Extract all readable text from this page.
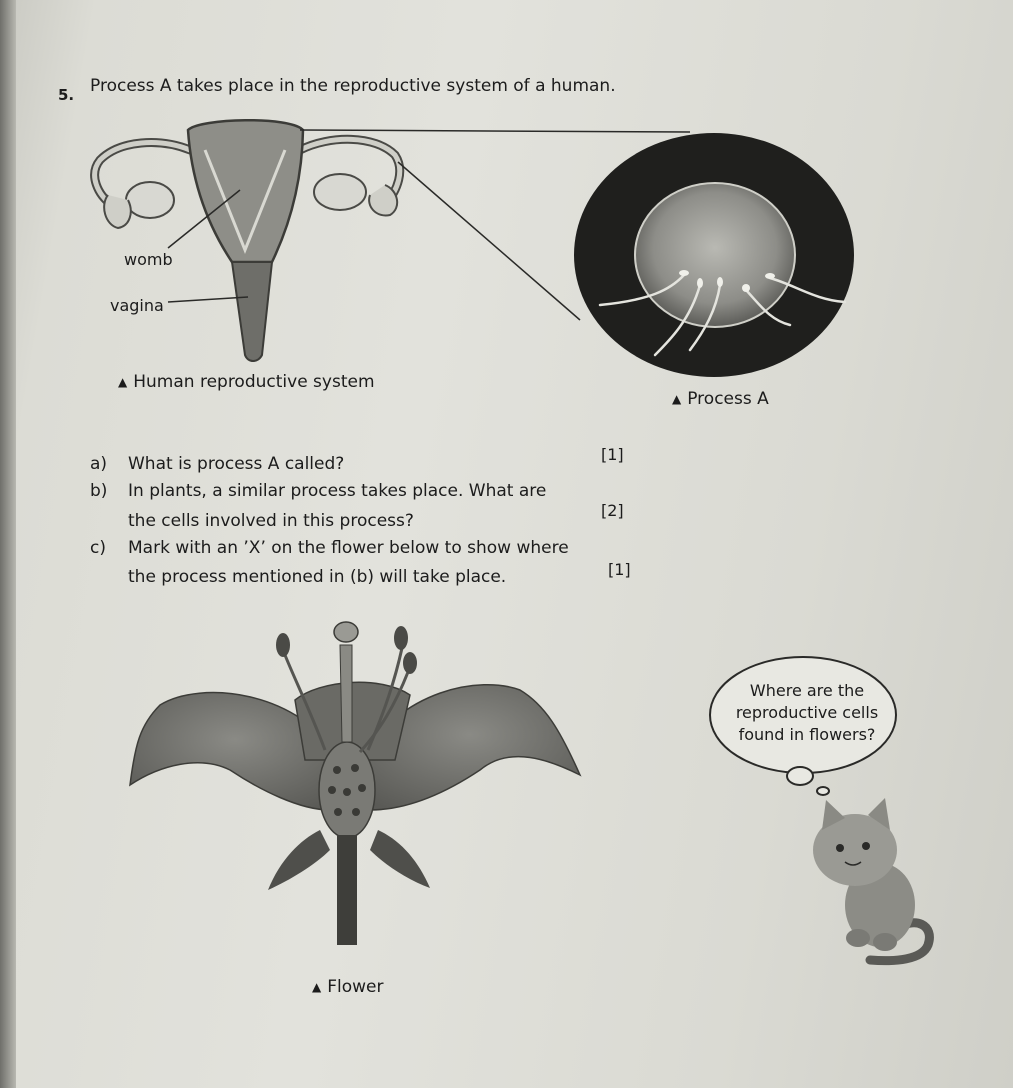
5. Process A takes place in the reproductive system of a human.
womb
vagina
▲ Human reproductive system
▲ Process A
a) What is process A called?	[1]
b) In plants, a similar process takes place. What are
the cells involved in this process?
[2]
c) Mark with an ’X’ on the flower below to show where
the process mentioned in (b) will take place.	[1]
▲ Flower
Where are the
reproductive cells
found in flowers?
